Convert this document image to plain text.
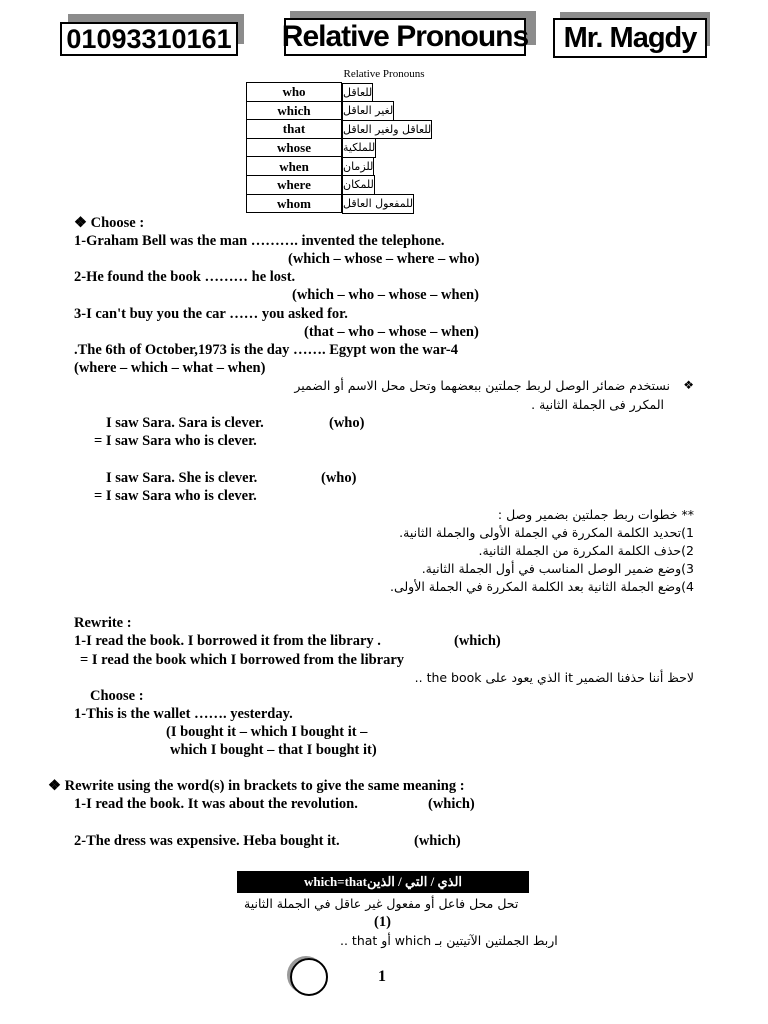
01093310161 Relative Pronouns	Mr. Magdy
Relative Pronouns
who		للعاقل

which		لغير العاقل

that		للعاقل ولغير العاقل

whose		للملكية

when		للزمان

where		للمكان

whom		للمفعول العاقل
❖ Choose :
1-Graham Bell was the man ………. invented the telephone.
(which – whose – where – who)
2-He found the book ……… he lost.
(which – who – whose – when)
3-I can't buy you the car …… you asked for.
(that – who – whose – when)
.The 6th of October,1973 is the day ……. Egypt won the war-4
(where – which – what – when)
❖
نستخدم ضمائر الوصل لربط جملتين ببعضهما وتحل محل الاسم أو الضمير
المكرر فى الجملة الثانية .
I saw Sara. Sara is clever.	(who)
= I saw Sara who is clever.
I saw Sara. She is clever.	(who)
= I saw Sara who is clever.
** خطوات ربط جملتين بضمير وصل :
1)تحديد الكلمة المكررة في الجملة الأولى والجملة الثانية.
2)حذف الكلمة المكررة من الجملة الثانية.
3)وضع ضمير الوصل المناسب في أول الجملة الثانية.
4)وضع الجملة الثانية بعد الكلمة المكررة في الجملة الأولى.
Rewrite :
1-I read the book. I borrowed it from the library .	(which)
= I read the book which I borrowed from the library
لاحظ أننا حذفنا الضمير it الذي يعود على the book ..
Choose :
1-This is the wallet ……. yesterday.
(I bought it – which I bought it –
which I bought – that I bought it)
❖ Rewrite using the word(s) in brackets to give the same meaning :
1-I read the book. It was about the revolution.	(which)
2-The dress was expensive. Heba bought it.	(which)
which=thatالذي / التي / الذين
تحل محل فاعل أو مفعول غير عاقل في الجملة الثانية
(1)
اربط الجملتين الآتيتين بـ which أو that ..
1
